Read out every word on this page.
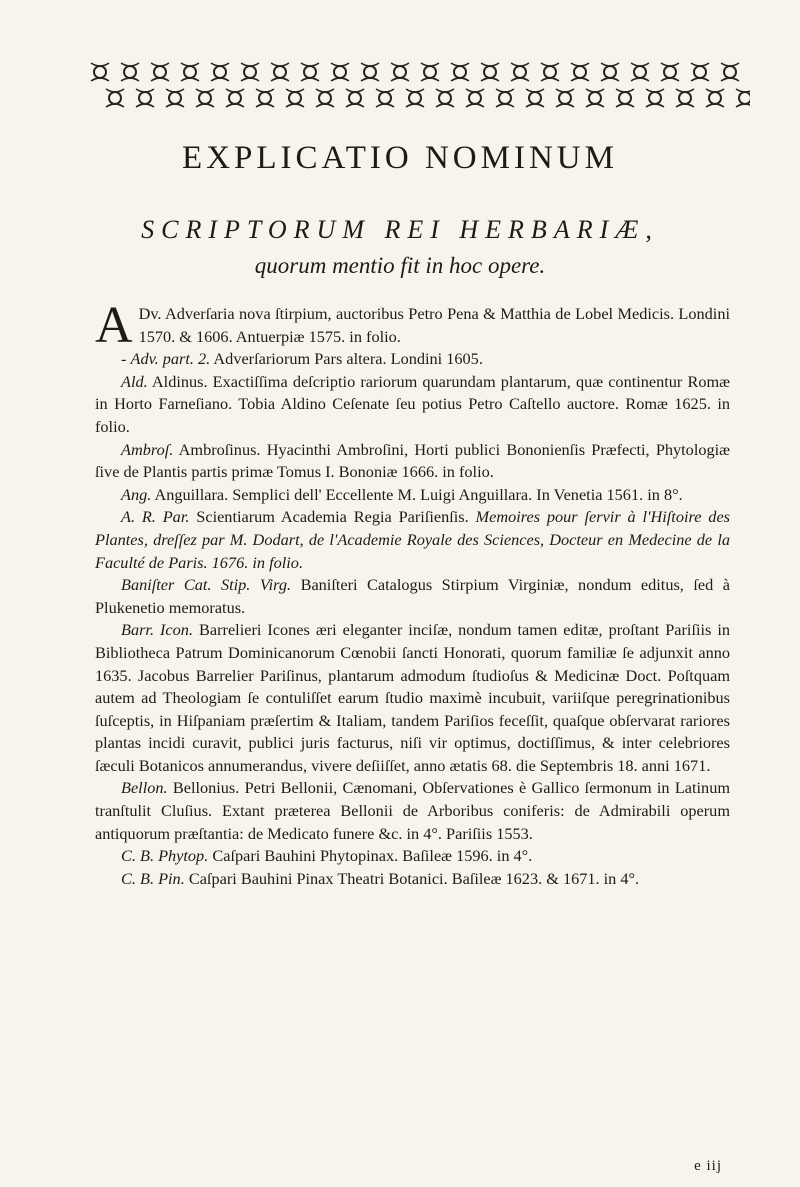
EXPLICATIO NOMINUM
SCRIPTORUM REI HERBARIÆ,
quorum mentio fit in hoc opere.

A Dv. Adverſaria nova ſtirpium, auctoribus Petro Pena & Matthia de Lobel Medicis. Londini 1570. & 1606. Antuerpiæ 1575. in folio.

- Adv. part. 2. Adverſariorum Pars altera. Londini 1605.

Ald. Aldinus. Exactiſſima deſcriptio rariorum quarundam plantarum, quæ continentur Romæ in Horto Farneſiano. Tobia Aldino Ceſenate ſeu potius Petro Caſtello auctore. Romæ 1625. in folio.

Ambroſ. Ambroſinus. Hyacinthi Ambroſini, Horti publici Bononienſis Præfecti, Phytologiæ ſive de Plantis partis primæ Tomus I. Bononiæ 1666. in folio.

Ang. Anguillara. Semplici dell' Eccellente M. Luigi Anguillara. In Venetia 1561. in 8°.

A. R. Par. Scientiarum Academia Regia Pariſienſis. Memoires pour ſervir à l'Hiſtoire des Plantes, dreſſez par M. Dodart, de l'Academie Royale des Sciences, Docteur en Medecine de la Faculté de Paris. 1676. in folio.

Baniſter Cat. Stip. Virg. Baniſteri Catalogus Stirpium Virginiæ, nondum editus, ſed à Plukenetio memoratus.

Barr. Icon. Barrelieri Icones æri eleganter inciſæ, nondum tamen editæ, proſtant Pariſiis in Bibliotheca Patrum Dominicanorum Cœnobii ſancti Honorati, quorum familiæ ſe adjunxit anno 1635. Jacobus Barrelier Pariſinus, plantarum admodum ſtudioſus & Medicinæ Doct. Poſtquam autem ad Theologiam ſe contuliſſet earum ſtudio maximè incubuit, variiſque peregrinationibus ſuſceptis, in Hiſpaniam præſertim & Italiam, tandem Pariſios feceſſit, quaſque obſervarat rariores plantas incidi curavit, publici juris facturus, niſi vir optimus, doctiſſimus, & inter celebriores ſæculi Botanicos annumerandus, vivere deſiiſſet, anno ætatis 68. die Septembris 18. anni 1671.

Bellon. Bellonius. Petri Bellonii, Cænomani, Obſervationes è Gallico ſermonum in Latinum tranſtulit Cluſius. Extant præterea Bellonii de Arboribus coniferis: de Admirabili operum antiquorum præſtantia: de Medicato funere &c. in 4°. Pariſiis 1553.

C. B. Phytop. Caſpari Bauhini Phytopinax. Baſileæ 1596. in 4°.

C. B. Pin. Caſpari Bauhini Pinax Theatri Botanici. Baſileæ 1623. & 1671. in 4°.

e iij
